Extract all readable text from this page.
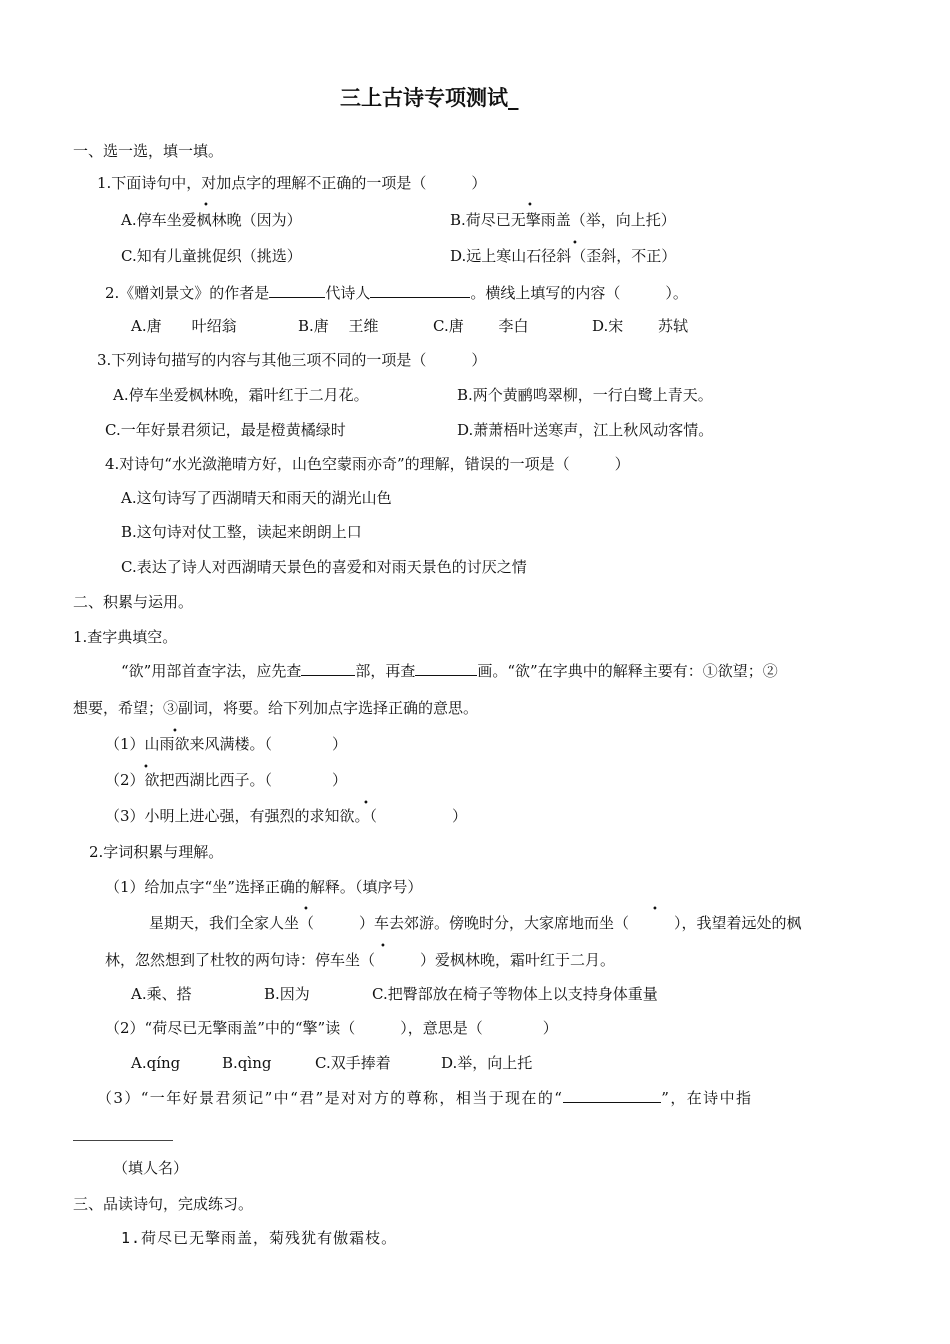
三上古诗专项测试_
一、选一选，填一填。
1.下面诗句中，对加点字的理解不正确的一项是（　　　）
A.停车坐爱枫林晚（因为）	B.荷尽已无擎雨盖（举，向上托）
C.知有儿童挑促织（挑选）	D.远上寒山石径斜（歪斜，不正）
•	•
•
2.《赠刘景文》的作者是	代诗人	。横线上填写的内容（　　　）。
A.唐　　叶绍翁	B.唐　 王维	C.唐　　 李白	D.宋　　 苏轼
3.下列诗句描写的内容与其他三项不同的一项是（　　　）
A.停车坐爱枫林晚，霜叶红于二月花。	B.两个黄鹂鸣翠柳，一行白鹭上青天。
C.一年好景君须记，最是橙黄橘绿时	D.萧萧梧叶送寒声，江上秋风动客情。
4.对诗句“水光潋滟晴方好，山色空蒙雨亦奇”的理解，错误的一项是（　　　）
A.这句诗写了西湖晴天和雨天的湖光山色
B.这句诗对仗工整，读起来朗朗上口
C.表达了诗人对西湖晴天景色的喜爱和对雨天景色的讨厌之情
二、积累与运用。
1.查字典填空。
“欲”用部首查字法，应先查	部，再查	画。“欲”在字典中的解释主要有：①欲望；②
想要，希望；③副词，将要。给下列加点字选择正确的意思。
（1）山雨欲来风满楼。（　　　　）
（2）欲把西湖比西子。（　　　　）
（3）小明上进心强，有强烈的求知欲。（　　　　　）
•
•
•
2.字词积累与理解。
（1）给加点字“坐”选择正确的解释。（填序号）
星期天，我们全家人坐（　　　）车去郊游。傍晚时分，大家席地而坐（　　　），我望着远处的枫
林，忽然想到了杜牧的两句诗：停车坐（　　　）爱枫林晚，霜叶红于二月。
•	•
•
A.乘、搭	B.因为	C.把臀部放在椅子等物体上以支持身体重量
（2）“荷尽已无擎雨盖”中的“擎”读（　　　），意思是（　　　　）
A.qíng	B.qìng	C.双手捧着	D.举，向上托
（3）“一年好景君须记”中“君”是对对方的尊称，相当于现在的“	”，在诗中指
（填人名）
三、品读诗句，完成练习。
1.荷尽已无擎雨盖，菊残犹有傲霜枝。
